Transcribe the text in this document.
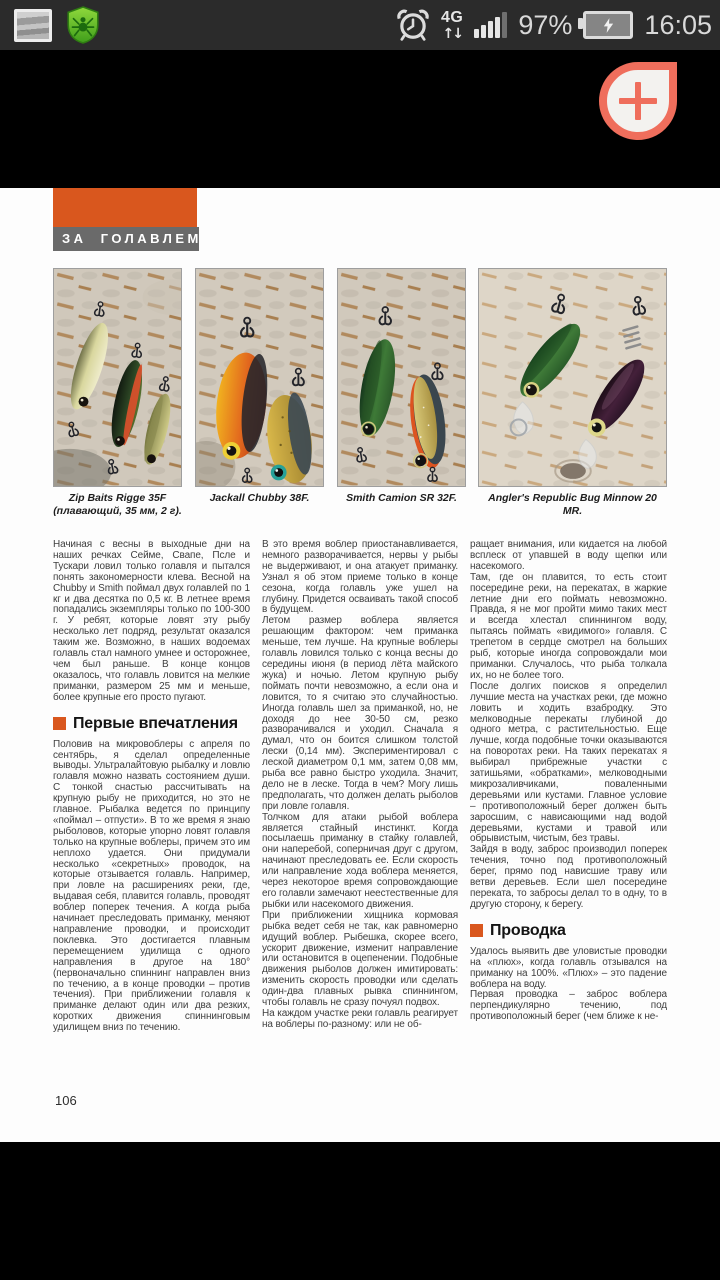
4G
↑↓ 97%	16:05
ЗА ГОЛАВЛЕМ
Zip Baits Rigge 35F (плавающий, 35 мм, 2 г).
Jackall Chubby 38F.	Smith Camion SR 32F.	Angler's Republic Bug Minnow 20 MR.

Начиная с весны в выходные дни на наших речках Сейме, Свапе, Псле и Тускари ловил только голавля и пытался понять закономерности клева. Весной на Chubby и Smith поймал двух голавлей по 1 кг и два десятка по 0,5 кг. В летнее время попадались экземпляры только по 100-300 г. У ребят, которые ловят эту рыбу несколько лет подряд, результат оказался таким же. Возможно, в наших водоемах голавль стал намного умнее и осторожнее, чем был раньше. В конце концов оказалось, что голавль ловится на мелкие приманки, размером 25 мм и меньше, более крупные его просто пугают.

Первые впечатления

Половив на микровоблеры с апреля по сентябрь, я сделал определенные выводы. Ультралайтовую рыбалку и ловлю голавля можно назвать состоянием души. С тонкой снастью рассчитывать на крупную рыбу не приходится, но это не главное. Рыбалка ведется по принципу «поймал – отпусти». В то же время я знаю рыболовов, которые упорно ловят голавля только на крупные воблеры, причем это им неплохо удается. Они придумали несколько «секретных» проводок, на которые отзывается голавль. Например, при ловле на расширениях реки, где, выдавая себя, плавится голавль, проводят воблер поперек течения. А когда рыба начинает преследовать приманку, меняют направление проводки, и происходит поклевка. Это достигается плавным перемещением удилища с одного направления в другое на 180° (первоначально спиннинг направлен вниз по течению, а в конце проводки – против течения). При приближении голавля к приманке делают один или два резких, коротких движения спиннинговым удилищем вниз по течению.

В это время воблер приостанавливается, немного разворачивается, нервы у рыбы не выдерживают, и она атакует приманку. Узнал я об этом приеме только в конце сезона, когда голавль уже ушел на глубину. Придется осваивать такой способ в будущем.

Летом размер воблера является решающим фактором: чем приманка меньше, тем лучше. На крупные воблеры голавль ловился только с конца весны до середины июня (в период лёта майского жука) и ночью. Летом крупную рыбу поймать почти невозможно, а если она и ловится, то я считаю это случайностью. Иногда голавль шел за приманкой, но, не доходя до нее 30-50 см, резко разворачивался и уходил. Сначала я думал, что он боится слишком толстой лески (0,14 мм). Экспериментировал с леской диаметром 0,1 мм, затем 0,08 мм, рыба все равно быстро уходила. Значит, дело не в леске. Тогда в чем? Могу лишь предполагать, что должен делать рыболов при ловле голавля.

Толчком для атаки рыбой воблера является стайный инстинкт. Когда посылаешь приманку в стайку голавлей, они наперебой, соперничая друг с другом, начинают преследовать ее. Если скорость или направление хода воблера меняется, через некоторое время сопровождающие его голавли замечают неестественные для рыбки или насекомого движения.

При приближении хищника кормовая рыбка ведет себя не так, как равномерно идущий воблер. Рыбешка, скорее всего, ускорит движение, изменит направление или остановится в оцепенении. Подобные движения рыболов должен имитировать: изменить скорость проводки или сделать один-два плавных рывка спиннингом, чтобы голавль не сразу почуял подвох.

На каждом участке реки голавль реагирует на воблеры по-разному: или не об-

ращает внимания, или кидается на любой всплеск от упавшей в воду щепки или насекомого.

Там, где он плавится, то есть стоит посередине реки, на перекатах, в жаркие летние дни его поймать невозможно. Правда, я не мог пройти мимо таких мест и всегда хлестал спиннингом воду, пытаясь поймать «видимого» голавля. С трепетом в сердце смотрел на больших рыб, которые иногда сопровождали мои приманки. Случалось, что рыба толкала их, но не более того.

После долгих поисков я определил лучшие места на участках реки, где можно ловить и ходить взабродку. Это мелководные перекаты глубиной до одного метра, с растительностью. Еще лучше, когда подобные точки оказываются на поворотах реки. На таких перекатах я выбирал прибрежные участки с затишьями, «обратками», мелководными микрозаливчиками, поваленными деревьями или кустами. Главное условие – противоположный берег должен быть заросшим, с нависающими над водой деревьями, кустами и травой или обрывистым, чистым, без травы.

Зайдя в воду, заброс производил поперек течения, точно под противоположный берег, прямо под нависшие траву или ветви деревьев. Если шел посередине переката, то забросы делал то в одну, то в другую сторону, к берегу.

Проводка

Удалось выявить две уловистые проводки на «плюх», когда голавль отзывался на приманку на 100%. «Плюх» – это падение воблера на воду.

Первая проводка – заброс воблера перпендикулярно течению, под противоположный берег (чем ближе к не-

106
